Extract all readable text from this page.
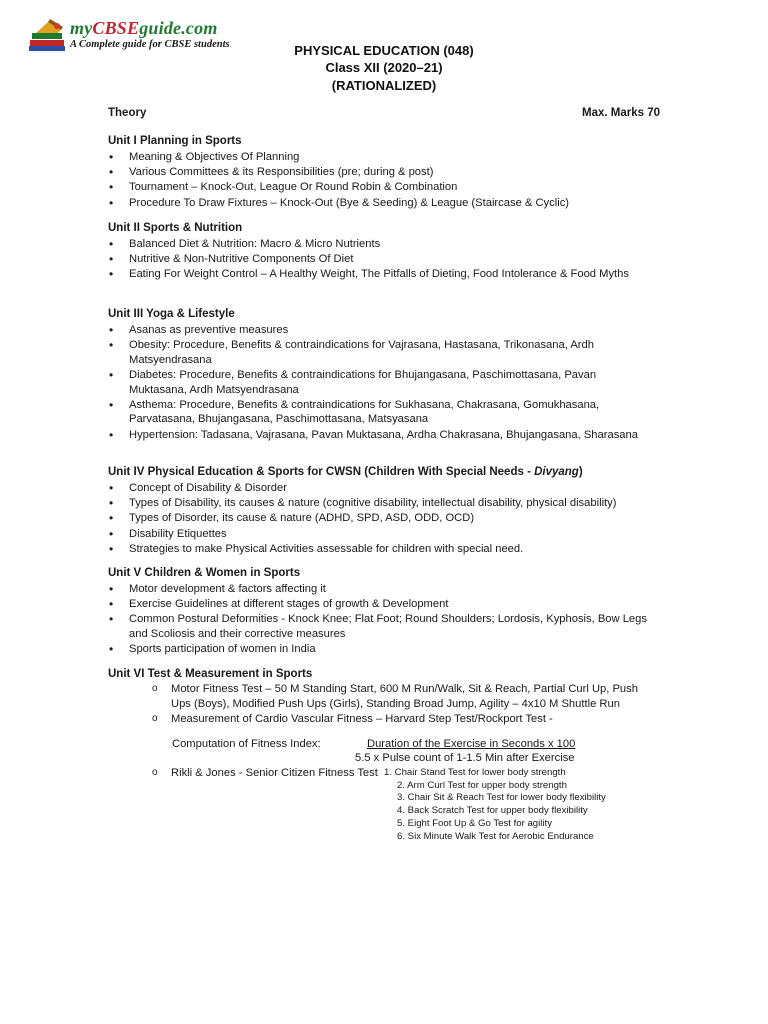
myCBSEguide.com
A Complete guide for CBSE students	PHYSICAL EDUCATION (048)
Class XII (2020–21)
(RATIONALIZED)
Theory	Max. Marks 70
Unit I Planning in Sports
• Meaning & Objectives Of Planning
• Various Committees & its Responsibilities (pre; during & post)
• Tournament – Knock-Out, League Or Round Robin & Combination
• Procedure To Draw Fixtures – Knock-Out (Bye & Seeding) & League (Staircase & Cyclic)
Unit II Sports & Nutrition
• Balanced Diet & Nutrition: Macro & Micro Nutrients
• Nutritive & Non-Nutritive Components Of Diet
• Eating For Weight Control – A Healthy Weight, The Pitfalls of Dieting, Food Intolerance & Food Myths
Unit III Yoga & Lifestyle
• Asanas as preventive measures
• Obesity: Procedure, Benefits & contraindications for Vajrasana, Hastasana, Trikonasana, Ardh Matsyendrasana
• Diabetes: Procedure, Benefits & contraindications for Bhujangasana, Paschimottasana, Pavan Muktasana, Ardh Matsyendrasana
• Asthema: Procedure, Benefits & contraindications for Sukhasana, Chakrasana, Gomukhasana, Parvatasana, Bhujangasana, Paschimottasana, Matsyasana
• Hypertension: Tadasana, Vajrasana, Pavan Muktasana, Ardha Chakrasana, Bhujangasana, Sharasana
Unit IV Physical Education & Sports for CWSN (Children With Special Needs - Divyang)
• Concept of Disability & Disorder
• Types of Disability, its causes & nature (cognitive disability, intellectual disability, physical disability)
• Types of Disorder, its cause & nature (ADHD, SPD, ASD, ODD, OCD)
• Disability Etiquettes
• Strategies to make Physical Activities assessable for children with special need.
Unit V Children & Women in Sports
• Motor development & factors affecting it
• Exercise Guidelines at different stages of growth & Development
• Common Postural Deformities - Knock Knee; Flat Foot; Round Shoulders; Lordosis, Kyphosis, Bow Legs and Scoliosis and their corrective measures
• Sports participation of women in India
Unit VI Test & Measurement in Sports
o Motor Fitness Test – 50 M Standing Start, 600 M Run/Walk, Sit & Reach, Partial Curl Up, Push Ups (Boys), Modified Push Ups (Girls), Standing Broad Jump, Agility – 4x10 M Shuttle Run
o Measurement of Cardio Vascular Fitness – Harvard Step Test/Rockport Test -
Computation of Fitness Index:	Duration of the Exercise in Seconds x 100
5.5 x Pulse count of 1-1.5 Min after Exercise
o Rikli & Jones - Senior Citizen Fitness Test 1. Chair Stand Test for lower body strength
2. Arm Curl Test for upper body strength
3. Chair Sit & Reach Test for lower body flexibility
4. Back Scratch Test for upper body flexibility
5. Eight Foot Up & Go Test for agility
6. Six Minute Walk Test for Aerobic Endurance
